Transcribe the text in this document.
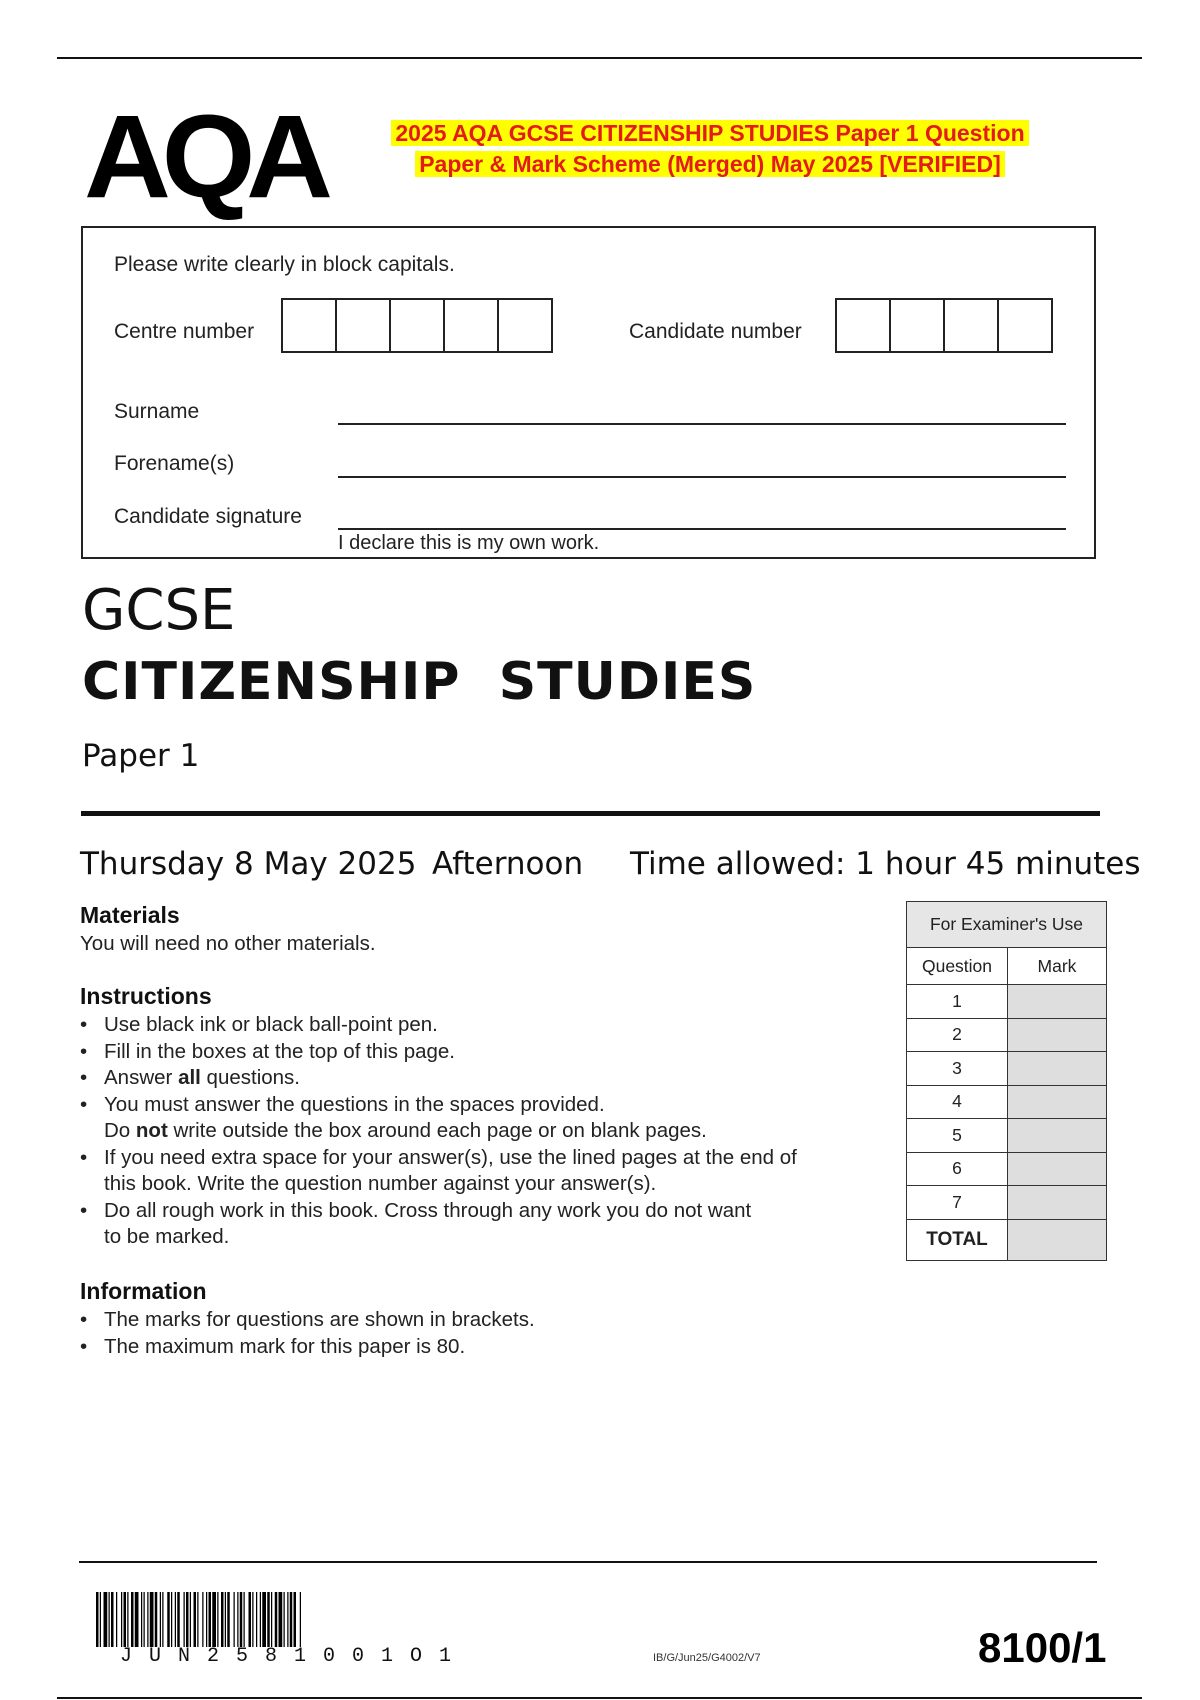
AQA	2025 AQA GCSE CITIZENSHIP STUDIES Paper 1 Question
Paper & Mark Scheme (Merged) May 2025 [VERIFIED]
Please write clearly in block capitals.
Centre number	Candidate number
Surname
Forename(s)
Candidate signature
I declare this is my own work.
GCSE
CITIZENSHIP  STUDIES
Paper 1
Thursday 8 May 2025 Afternoon Time allowed: 1 hour 45 minutes
Materials
You will need no other materials.
Instructions
• Use black ink or black ball-point pen.
• Fill in the boxes at the top of this page.
• Answer all questions.
• You must answer the questions in the spaces provided.
Do not write outside the box around each page or on blank pages.
• If you need extra space for your answer(s), use the lined pages at the end of
this book. Write the question number against your answer(s).
• Do all rough work in this book. Cross through any work you do not want
to be marked.
Information
• The marks for questions are shown in brackets.
• The maximum mark for this paper is 80.
For Examiner's Use	
Question	Mark
1	
2	
3	
4	
5	
6	
7	
TOTAL	
JUN2581001O1	IB/G/Jun25/G4002/V7	8100/1
